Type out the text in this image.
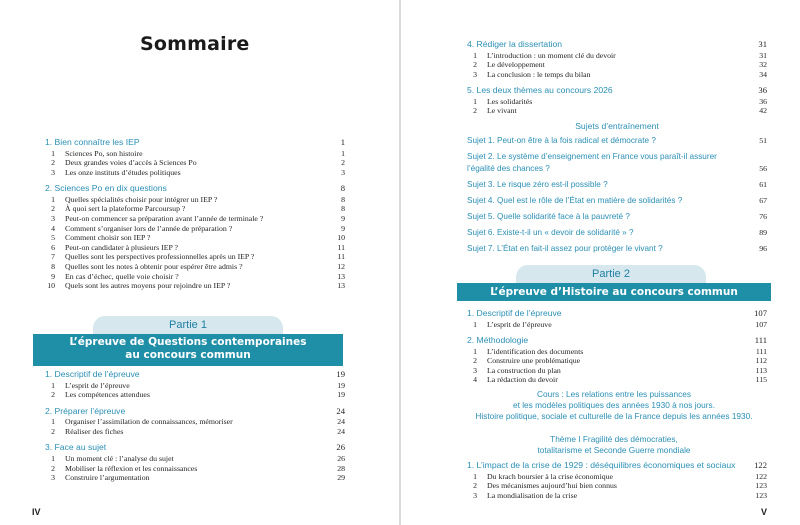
Sommaire
1. Bien connaître les IEP	1
1 Sciences Po, son histoire	1
2 Deux grandes voies d’accès à Sciences Po	2
3 Les onze instituts d’études politiques	3
2. Sciences Po en dix questions	8
1 Quelles spécialités choisir pour intégrer un IEP ?	8
2 À quoi sert la plateforme Parcoursup ?	8
3 Peut-on commencer sa préparation avant l’année de terminale ?	9
4 Comment s’organiser lors de l’année de préparation ?	9
5 Comment choisir son IEP ?	10
6 Peut-on candidater à plusieurs IEP ?	11
7 Quelles sont les perspectives professionnelles après un IEP ?	11
8 Quelles sont les notes à obtenir pour espérer être admis ?	12
9 En cas d’échec, quelle voie choisir ?	13
10 Quels sont les autres moyens pour rejoindre un IEP ?	13
Partie 1
L’épreuve de Questions contemporaines
au concours commun
1. Descriptif de l’épreuve	19
1 L’esprit de l’épreuve	19
2 Les compétences attendues	19
2. Préparer l’épreuve	24
1 Organiser l’assimilation de connaissances, mémoriser	24
2 Réaliser des fiches	24
3. Face au sujet	26
1 Un moment clé : l’analyse du sujet	26
2 Mobiliser la réflexion et les connaissances	28
3 Construire l’argumentation	29
IV
4. Rédiger la dissertation	31
1 L’introduction : un moment clé du devoir	31
2 Le développement	32
3 La conclusion : le temps du bilan	34
5. Les deux thèmes au concours 2026	36
1 Les solidarités	36
2 Le vivant	42
Sujets d’entraînement
Sujet 1. Peut-on être à la fois radical et démocrate ?	51
Sujet 2. Le système d’enseignement en France vous paraît-il assurer
l’égalité des chances ?	56
Sujet 3. Le risque zéro est-il possible ?	61
Sujet 4. Quel est le rôle de l’État en matière de solidarités ?	67
Sujet 5. Quelle solidarité face à la pauvreté ?	76
Sujet 6. Existe-t-il un « devoir de solidarité » ?	89
Sujet 7. L’État en fait-il assez pour protéger le vivant ?	96
Partie 2
L’épreuve d’Histoire au concours commun
1. Descriptif de l’épreuve	107
1 L’esprit de l’épreuve	107
2. Méthodologie	111
1 L’identification des documents	111
2 Construire une problématique	112
3 La construction du plan	113
4 La rédaction du devoir	115
Cours : Les relations entre les puissances
et les modèles politiques des années 1930 à nos jours.
Histoire politique, sociale et culturelle de la France depuis les années 1930.
Thème I Fragilité des démocraties,
totalitarisme et Seconde Guerre mondiale
1. L’impact de la crise de 1929 : déséquilibres économiques et sociaux 122
1 Du krach boursier à la crise économique	122
2 Des mécanismes aujourd’hui bien connus	123
3 La mondialisation de la crise	123
V
